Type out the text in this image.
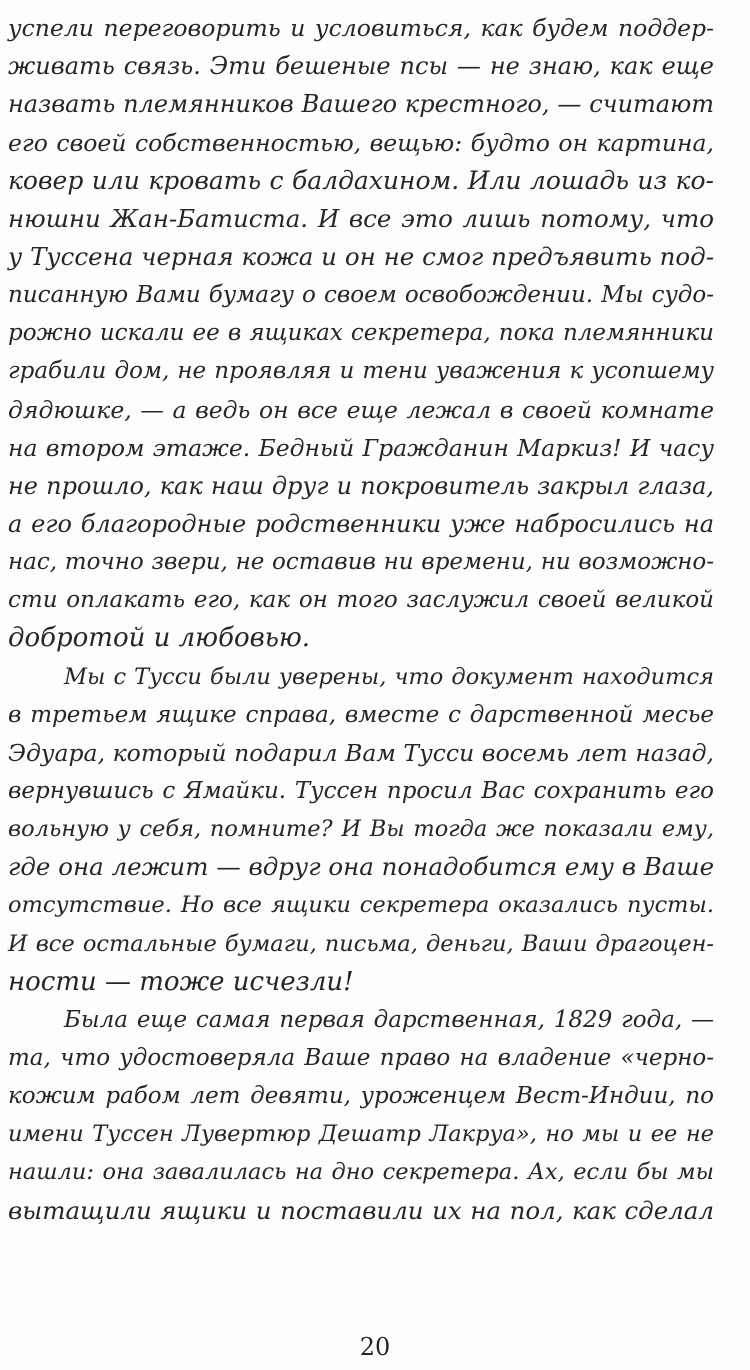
успели переговорить и условиться, как будем поддер-
живать связь. Эти бешеные псы — не знаю, как еще
назвать племянников Вашего крестного, — считают
его своей собственностью, вещью: будто он картина,
ковер или кровать с балдахином. Или лошадь из ко-
нюшни Жан-Батиста. И все это лишь потому, что
у Туссена черная кожа и он не смог предъявить под-
писанную Вами бумагу о своем освобождении. Мы судо-
рожно искали ее в ящиках секретера, пока племянники
грабили дом, не проявляя и тени уважения к усопшему
дядюшке, — а ведь он все еще лежал в своей комнате
на втором этаже. Бедный Гражданин Маркиз! И часу
не прошло, как наш друг и покровитель закрыл глаза,
а его благородные родственники уже набросились на
нас, точно звери, не оставив ни времени, ни возможно-
сти оплакать его, как он того заслужил своей великой
добротой и любовью.
Мы с Тусси были уверены, что документ находится
в третьем ящике справа, вместе с дарственной месье
Эдуара, который подарил Вам Тусси восемь лет назад,
вернувшись с Ямайки. Туссен просил Вас сохранить его
вольную у себя, помните? И Вы тогда же показали ему,
где она лежит — вдруг она понадобится ему в Ваше
отсутствие. Но все ящики секретера оказались пусты.
И все остальные бумаги, письма, деньги, Ваши драгоцен-
ности — тоже исчезли!
Была еще самая первая дарственная, 1829 года, —
та, что удостоверяла Ваше право на владение «черно-
кожим рабом лет девяти, уроженцем Вест-Индии, по
имени Туссен Лувертюр Дешатр Лакруа», но мы и ее не
нашли: она завалилась на дно секретера. Ах, если бы мы
вытащили ящики и поставили их на пол, как сделал
20
